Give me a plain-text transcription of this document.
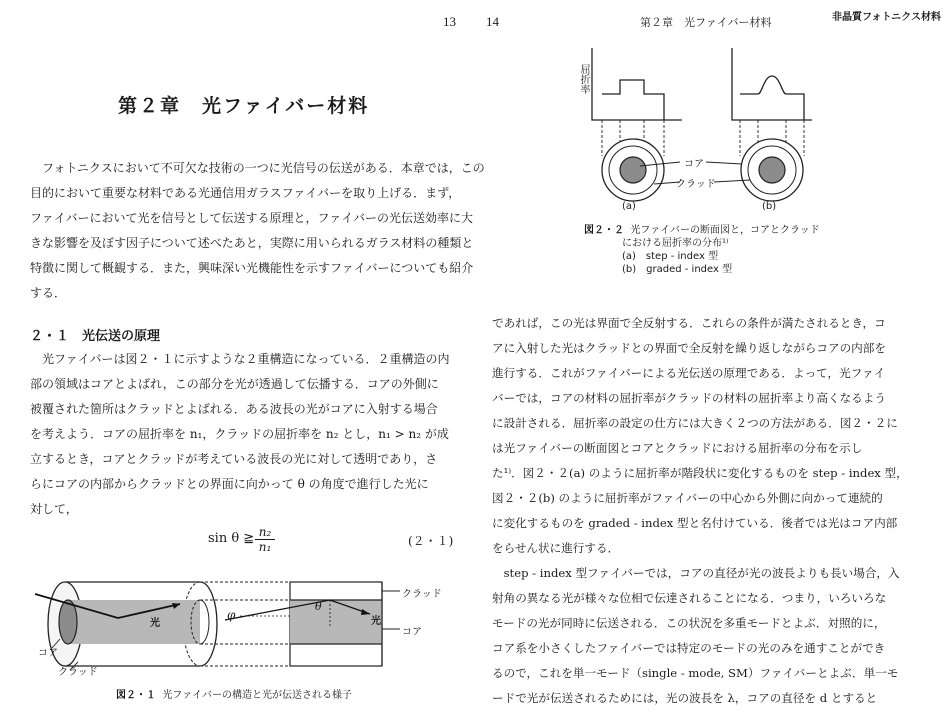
13
第２章　光ファイバー材料
フォトニクスにおいて不可欠な技術の一つに光信号の伝送がある．本章では，この
目的において重要な材料である光通信用ガラスファイバーを取り上げる．まず，
ファイバーにおいて光を信号として伝送する原理と，ファイバーの光伝送効率に大
きな影響を及ぼす因子について述べたあと，実際に用いられるガラス材料の種類と
特徴に関して概観する．また，興味深い光機能性を示すファイバーについても紹介
する．
２・１　光伝送の原理
光ファイバーは図２・１に示すような２重構造になっている．２重構造の内
部の領域はコアとよばれ，この部分を光が透過して伝播する．コアの外側に
被覆された箇所はクラッドとよばれる．ある波長の光がコアに入射する場合
を考えよう．コアの屈折率を n₁，クラッドの屈折率を n₂ とし，n₁ > n₂ が成
立するとき，コアとクラッドが考えている波長の光に対して透明であり，さ
らにコアの内部からクラッドとの界面に向かって θ の角度で進行した光に
対して，
sin θ ≧ $\frac{\text{n₂}}{\text{n₁}}$	(２・１)
光	光
φ
θ
クラッド
コア
コア
クラッド
図２・１ 光ファイバーの構造と光が伝送される様子
14	第２章　光ファイバー材料	非晶質フォトニクス材料
屈折率
コア
クラッド
(a)	(b)
図２・２ 光ファイバーの断面図と，コアとクラッド
における屈折率の分布¹⁾
(a)　step - index 型
(b)　graded - index 型
であれば，この光は界面で全反射する．これらの条件が満たされるとき，コ
アに入射した光はクラッドとの界面で全反射を繰り返しながらコアの内部を
進行する．これがファイバーによる光伝送の原理である．よって，光ファイ
バーでは，コアの材料の屈折率がクラッドの材料の屈折率より高くなるよう
に設計される．屈折率の設定の仕方には大きく２つの方法がある．図２・２に
は光ファイバーの断面図とコアとクラッドにおける屈折率の分布を示し
た¹⁾．図２・２(a) のように屈折率が階段状に変化するものを step - index 型，
図２・２(b) のように屈折率がファイバーの中心から外側に向かって連続的
に変化するものを graded - index 型と名付けている．後者では光はコア内部
をらせん状に進行する．
　step - index 型ファイバーでは，コアの直径が光の波長よりも長い場合，入
射角の異なる光が様々な位相で伝達されることになる．つまり，いろいろな
モードの光が同時に伝送される．この状況を多重モードとよぶ．対照的に，
コア系を小さくしたファイバーでは特定のモードの光のみを通すことができ
るので，これを単一モード（single - mode, SM）ファイバーとよぶ．単一モ
ードで光が伝送されるためには，光の波長を λ，コアの直径を d とすると
